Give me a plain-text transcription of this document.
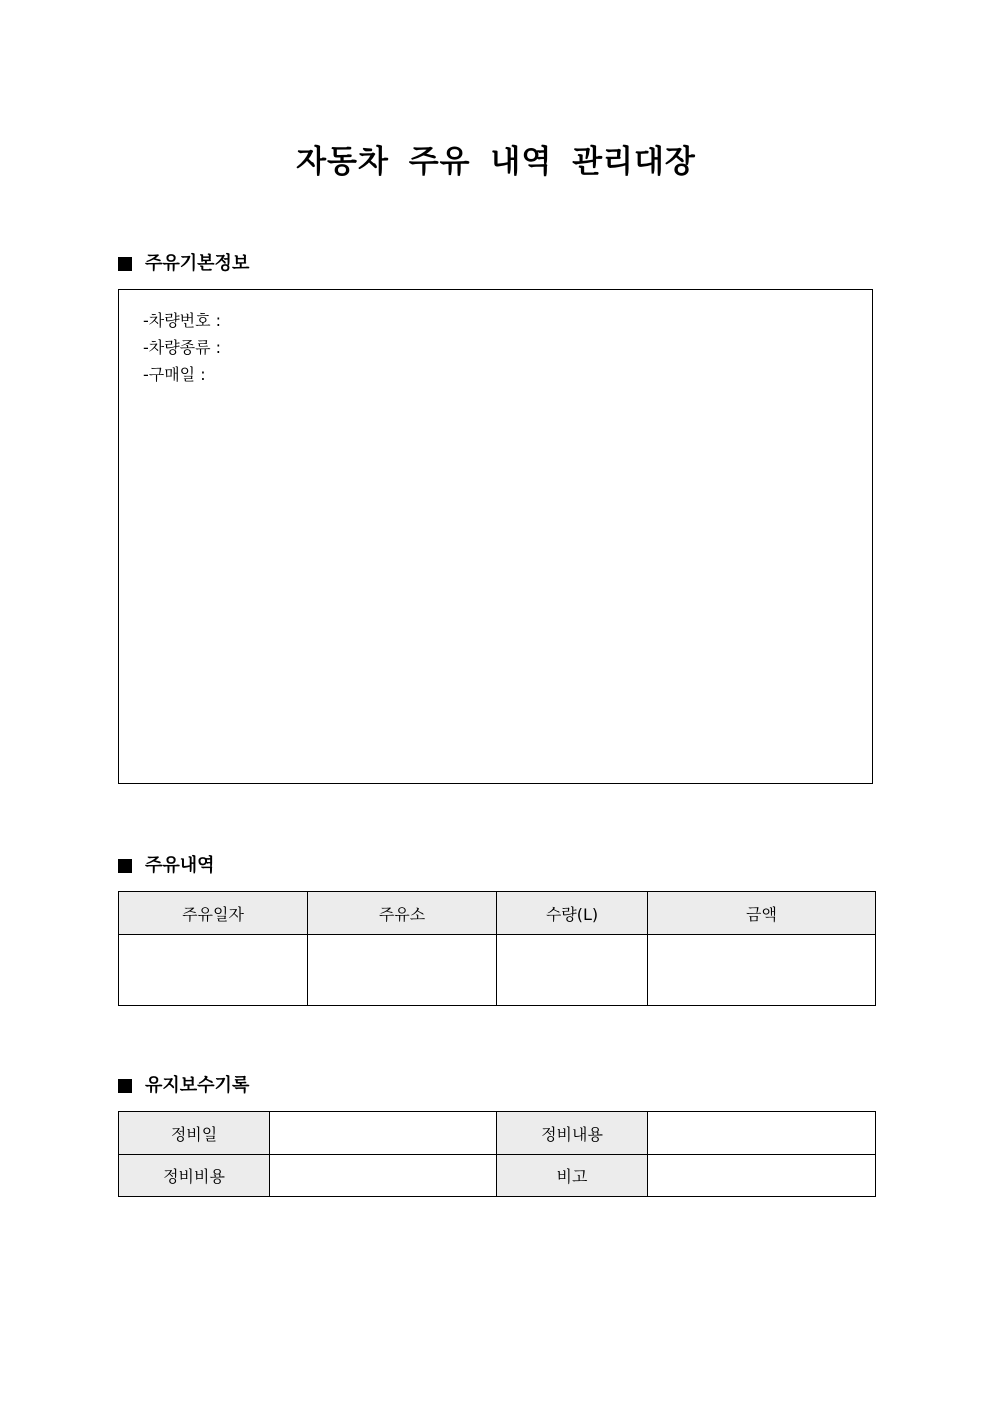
자동차 주유 내역 관리대장
주유기본정보
-차량번호 :
-차량종류 :
-구매일 :
주유내역
주유일자	주유소	수량(L)	금액

유지보수기록
정비일		정비내용	
정비비용		비고	
